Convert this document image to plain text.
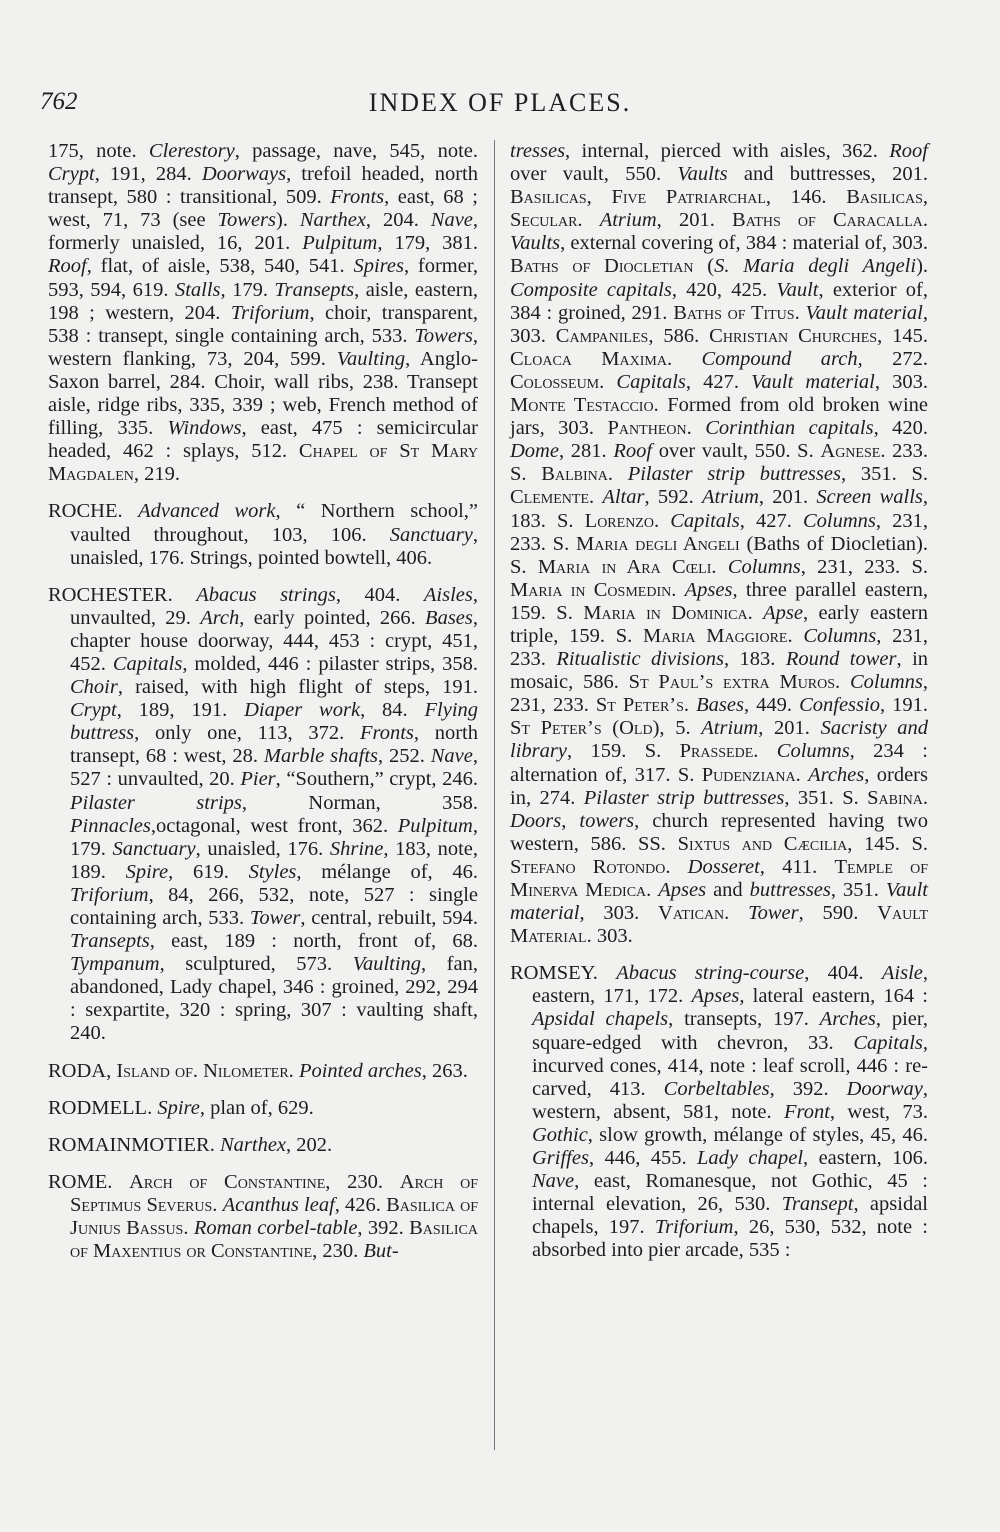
762	INDEX OF PLACES.

175, note. Clerestory, passage, nave, 545, note. Crypt, 191, 284. Doorways, trefoil headed, north transept, 580 : transitional, 509. Fronts, east, 68 ; west, 71, 73 (see Towers). Narthex, 204. Nave, formerly unaisled, 16, 201. Pulpitum, 179, 381. Roof, flat, of aisle, 538, 540, 541. Spires, former, 593, 594, 619. Stalls, 179. Transepts, aisle, eastern, 198 ; western, 204. Triforium, choir, transparent, 538 : transept, single containing arch, 533. Towers, western flanking, 73, 204, 599. Vaulting, Anglo-Saxon barrel, 284. Choir, wall ribs, 238. Transept aisle, ridge ribs, 335, 339 ; web, French method of filling, 335. Windows, east, 475 : semicircular headed, 462 : splays, 512. Chapel of St Mary Magdalen, 219.

ROCHE. Advanced work, “ Northern school,” vaulted throughout, 103, 106. Sanctuary, unaisled, 176. Strings, pointed bowtell, 406.

ROCHESTER. Abacus strings, 404. Aisles, unvaulted, 29. Arch, early pointed, 266. Bases, chapter house doorway, 444, 453 : crypt, 451, 452. Capitals, molded, 446 : pilaster strips, 358. Choir, raised, with high flight of steps, 191. Crypt, 189, 191. Diaper work, 84. Flying buttress, only one, 113, 372. Fronts, north transept, 68 : west, 28. Marble shafts, 252. Nave, 527 : unvaulted, 20. Pier, “Southern,” crypt, 246. Pilaster strips, Norman, 358. Pinnacles,octagonal, west front, 362. Pulpitum, 179. Sanctuary, unaisled, 176. Shrine, 183, note, 189. Spire, 619. Styles, mélange of, 46. Triforium, 84, 266, 532, note, 527 : single containing arch, 533. Tower, central, rebuilt, 594. Transepts, east, 189 : north, front of, 68. Tympanum, sculptured, 573. Vaulting, fan, abandoned, Lady chapel, 346 : groined, 292, 294 : sexpartite, 320 : spring, 307 : vaulting shaft, 240.

RODA, Island of. Nilometer. Pointed arches, 263.

RODMELL. Spire, plan of, 629.

ROMAINMOTIER. Narthex, 202.

ROME. Arch of Constantine, 230. Arch of Septimus Severus. Acanthus leaf, 426. Basilica of Junius Bassus. Roman corbel-table, 392. Basilica of Maxentius or Constantine, 230. But-

tresses, internal, pierced with aisles, 362. Roof over vault, 550. Vaults and buttresses, 201. Basilicas, Five Patriarchal, 146. Basilicas, Secular. Atrium, 201. Baths of Caracalla. Vaults, external covering of, 384 : material of, 303. Baths of Diocletian (S. Maria degli Angeli). Composite capitals, 420, 425. Vault, exterior of, 384 : groined, 291. Baths of Titus. Vault material, 303. Campaniles, 586. Christian Churches, 145. Cloaca Maxima. Compound arch, 272. Colosseum. Capitals, 427. Vault material, 303. Monte Testaccio. Formed from old broken wine jars, 303. Pantheon. Corinthian capitals, 420. Dome, 281. Roof over vault, 550. S. Agnese. 233. S. Balbina. Pilaster strip buttresses, 351. S. Clemente. Altar, 592. Atrium, 201. Screen walls, 183. S. Lorenzo. Capitals, 427. Columns, 231, 233. S. Maria degli Angeli (Baths of Diocletian). S. Maria in Ara Cœli. Columns, 231, 233. S. Maria in Cosmedin. Apses, three parallel eastern, 159. S. Maria in Dominica. Apse, early eastern triple, 159. S. Maria Maggiore. Columns, 231, 233. Ritualistic divisions, 183. Round tower, in mosaic, 586. St Paul’s extra Muros. Columns, 231, 233. St Peter’s. Bases, 449. Confessio, 191. St Peter’s (Old), 5. Atrium, 201. Sacristy and library, 159. S. Prassede. Columns, 234 : alternation of, 317. S. Pudenziana. Arches, orders in, 274. Pilaster strip buttresses, 351. S. Sabina. Doors, towers, church represented having two western, 586. SS. Sixtus and Cæcilia, 145. S. Stefano Rotondo. Dosseret, 411. Temple of Minerva Medica. Apses and buttresses, 351. Vault material, 303. Vatican. Tower, 590. Vault Material. 303.

ROMSEY. Abacus string-course, 404. Aisle, eastern, 171, 172. Apses, lateral eastern, 164 : Apsidal chapels, transepts, 197. Arches, pier, square-edged with chevron, 33. Capitals, incurved cones, 414, note : leaf scroll, 446 : re-carved, 413. Corbeltables, 392. Doorway, western, absent, 581, note. Front, west, 73. Gothic, slow growth, mélange of styles, 45, 46. Griffes, 446, 455. Lady chapel, eastern, 106. Nave, east, Romanesque, not Gothic, 45 : internal elevation, 26, 530. Transept, apsidal chapels, 197. Triforium, 26, 530, 532, note : absorbed into pier arcade, 535 :
